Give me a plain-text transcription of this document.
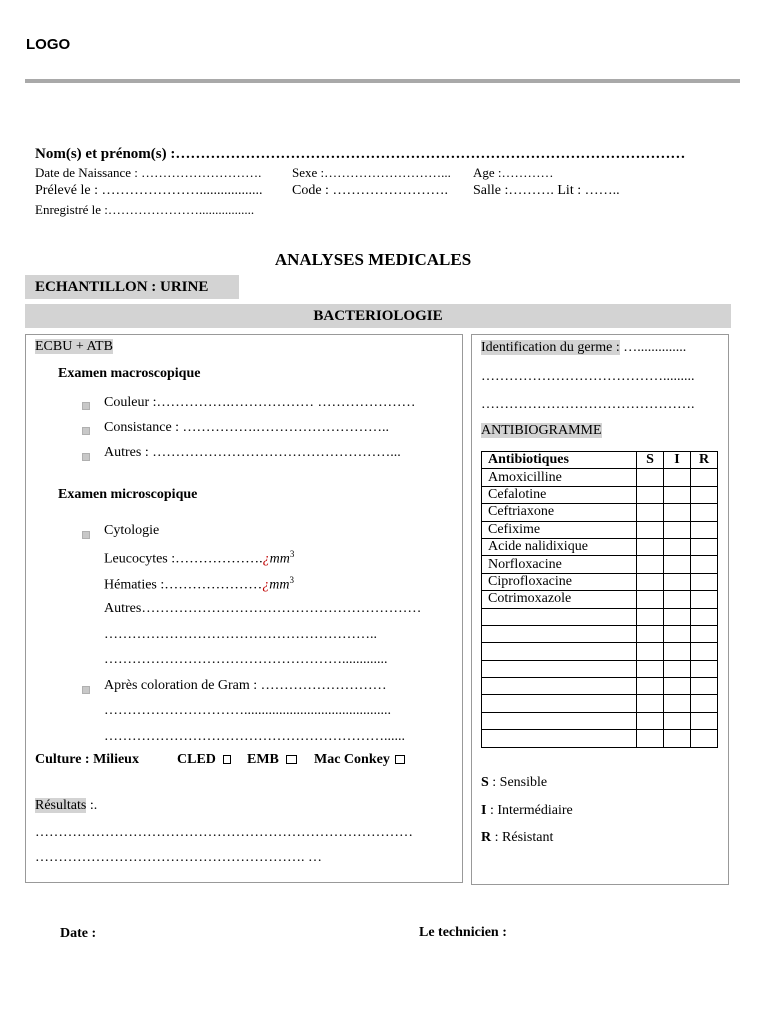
LOGO
Nom(s) et prénom(s) :…………………………………………………………………………………………
Date de Naissance : ………………………. Sexe :………………………... Age :…………
Prélevé le : ………………….................. Code : ……………………. Salle :………. Lit : ……..
Enregistré le :………………….................
ANALYSES MEDICALES
ECHANTILLON : URINE
BACTERIOLOGIE
ECBU + ATB
Examen macroscopique
Couleur :…………….……………… …………………
Consistance : …………….………………………..
Autres : ……………………………………………...
Examen microscopique
Cytologie
Leucocytes $:\dots\dots\dots\dots\dots\dots.¿mm^3$
Hématies $:\dots\dots\dots\dots\dots\dots\dots¿mm^3$
Autres……………………………………………………
…………………………………………………..
…………………………………………….............
Après coloration de Gram : ………………………
…………………………..........................................
……………………………………………………......
Culture : Milieux	CLED	EMB	Mac Conkey
Résultats :.
………………………………………………………………………
…………………………………………………. …
Identification du germe : …..............
………………………………….........
……………………………………….
ANTIBIOGRAMME
Antibiotiques	S	I	R
Amoxicilline			
Cefalotine			
Ceftriaxone			
Cefixime			
Acide nalidixique			
Norfloxacine			
Ciprofloxacine			
Cotrimoxazole			

S : Sensible
I : Intermédiaire
R : Résistant
Date :	Le technicien :
